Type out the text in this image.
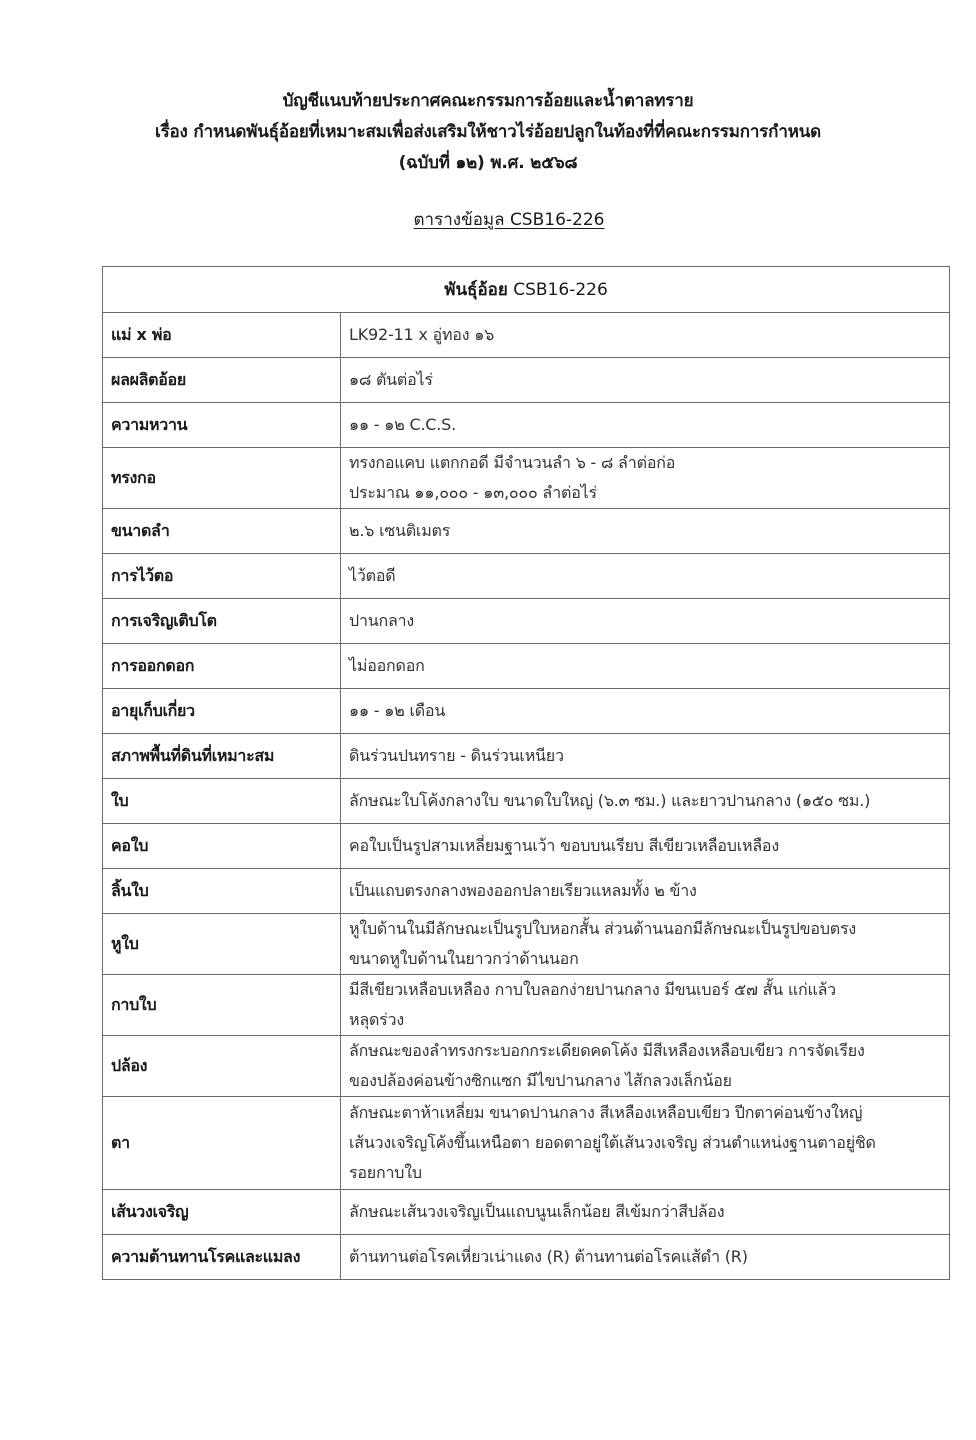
บัญชีแนบท้ายประกาศคณะกรรมการอ้อยและน้ำตาลทราย
เรื่อง กำหนดพันธุ์อ้อยที่เหมาะสมเพื่อส่งเสริมให้ชาวไร่อ้อยปลูกในท้องที่ที่คณะกรรมการกำหนด
(ฉบับที่ ๑๒) พ.ศ. ๒๕๖๘
ตารางข้อมูล CSB16-226
พันธุ์อ้อย CSB16-226	
แม่ x พ่อ	LK92-11 x อู่ทอง ๑๖

ผลผลิตอ้อย	๑๘ ตันต่อไร่

ความหวาน	๑๑ - ๑๒ C.C.S.

ทรงกอ	ทรงกอแคบ แตกกอดี มีจำนวนลำ ๖ - ๘ ลำต่อก่อ
ประมาณ ๑๑,๐๐๐ - ๑๓,๐๐๐ ลำต่อไร่

ขนาดลำ	๒.๖ เซนติเมตร

การไว้ตอ	ไว้ตอดี

การเจริญเติบโต	ปานกลาง

การออกดอก	ไม่ออกดอก

อายุเก็บเกี่ยว	๑๑ - ๑๒ เดือน

สภาพพื้นที่ดินที่เหมาะสม	ดินร่วนปนทราย - ดินร่วนเหนียว

ใบ	ลักษณะใบโค้งกลางใบ ขนาดใบใหญ่ (๖.๓ ซม.) และยาวปานกลาง (๑๕๐ ซม.)

คอใบ	คอใบเป็นรูปสามเหลี่ยมฐานเว้า ขอบบนเรียบ สีเขียวเหลือบเหลือง

ลิ้นใบ	เป็นแถบตรงกลางพองออกปลายเรียวแหลมทั้ง ๒ ข้าง

หูใบ	หูใบด้านในมีลักษณะเป็นรูปใบหอกสั้น ส่วนด้านนอกมีลักษณะเป็นรูปขอบตรง
ขนาดหูใบด้านในยาวกว่าด้านนอก

กาบใบ	มีสีเขียวเหลือบเหลือง กาบใบลอกง่ายปานกลาง มีขนเบอร์ ๕๗ สั้น แก่แล้ว
หลุดร่วง

ปล้อง	ลักษณะของลำทรงกระบอกกระเดียดคดโค้ง มีสีเหลืองเหลือบเขียว การจัดเรียง
ของปล้องค่อนข้างซิกแซก มีไขปานกลาง ไส้กลวงเล็กน้อย

ตา	ลักษณะตาห้าเหลี่ยม ขนาดปานกลาง สีเหลืองเหลือบเขียว ปีกตาค่อนข้างใหญ่
เส้นวงเจริญโค้งขึ้นเหนือตา ยอดตาอยู่ใต้เส้นวงเจริญ ส่วนตำแหน่งฐานตาอยู่ชิด
รอยกาบใบ

เส้นวงเจริญ	ลักษณะเส้นวงเจริญเป็นแถบนูนเล็กน้อย สีเข้มกว่าสีปล้อง

ความต้านทานโรคและแมลง	ต้านทานต่อโรคเหี่ยวเน่าแดง (R) ต้านทานต่อโรคแส้ดำ (R)
